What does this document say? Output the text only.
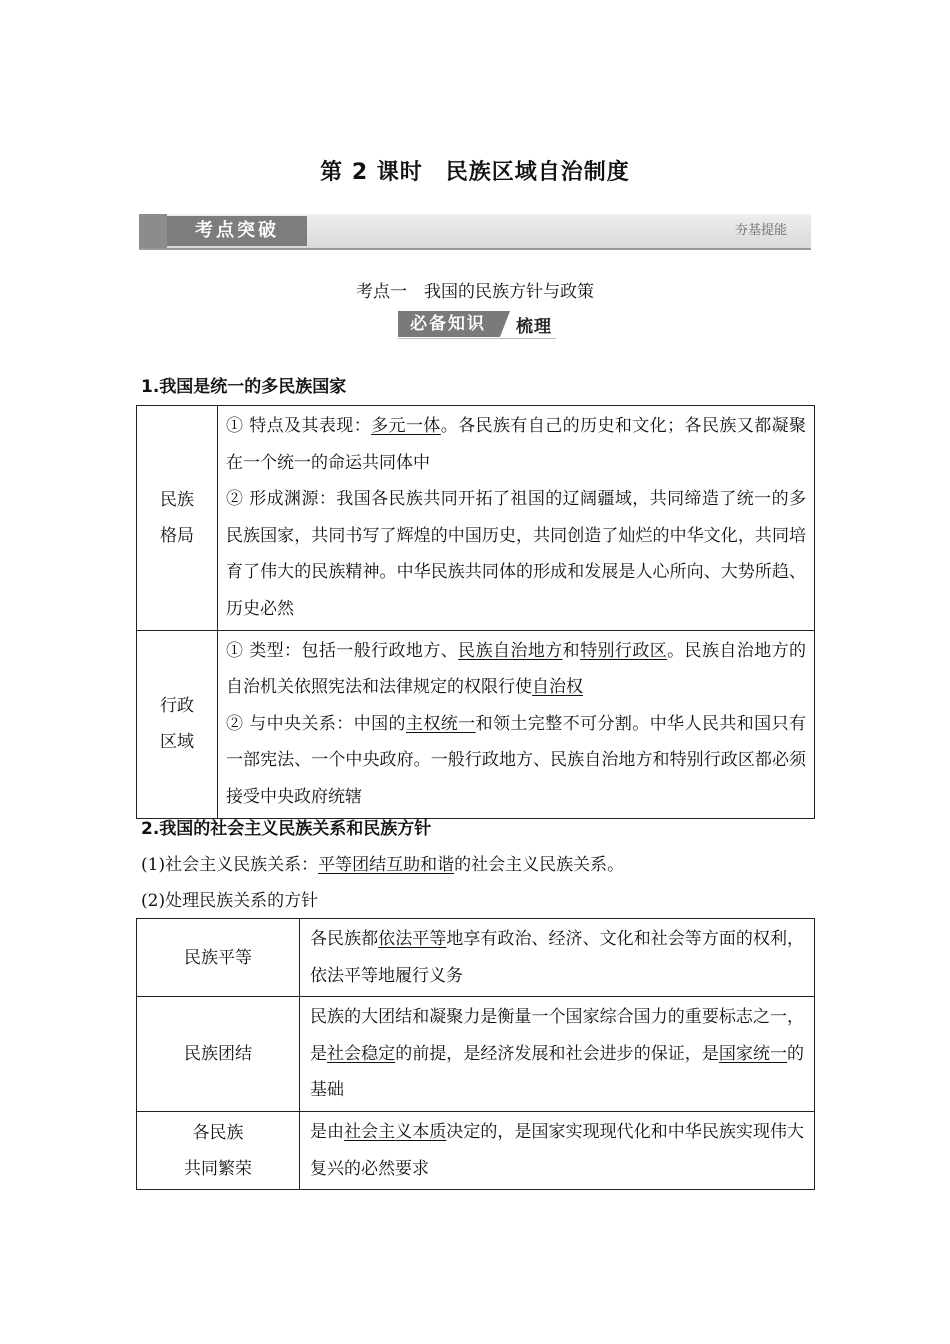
第 2 课时　民族区域自治制度
考点突破	夯基提能
考点一　我国的民族方针与政策
必备知识	梳理
1.我国是统一的多民族国家
民族格局	① 特点及其表现：多元一体。各民族有自己的历史和文化；各民族又都凝聚在一个统一的命运共同体中
② 形成渊源：我国各民族共同开拓了祖国的辽阔疆域，共同缔造了统一的多民族国家，共同书写了辉煌的中国历史，共同创造了灿烂的中华文化，共同培育了伟大的民族精神。中华民族共同体的形成和发展是人心所向、大势所趋、历史必然

行政区域	① 类型：包括一般行政地方、民族自治地方和特别行政区。民族自治地方的自治机关依照宪法和法律规定的权限行使自治权
② 与中央关系：中国的主权统一和领土完整不可分割。中华人民共和国只有一部宪法、一个中央政府。一般行政地方、民族自治地方和特别行政区都必须接受中央政府统辖
2.我国的社会主义民族关系和民族方针
(1)社会主义民族关系：平等团结互助和谐的社会主义民族关系。
(2)处理民族关系的方针
民族平等	各民族都依法平等地享有政治、经济、文化和社会等方面的权利，依法平等地履行义务
民族团结	民族的大团结和凝聚力是衡量一个国家综合国力的重要标志之一，是社会稳定的前提，是经济发展和社会进步的保证，是国家统一的基础

各民族
共同繁荣	是由社会主义本质决定的，是国家实现现代化和中华民族实现伟大复兴的必然要求
